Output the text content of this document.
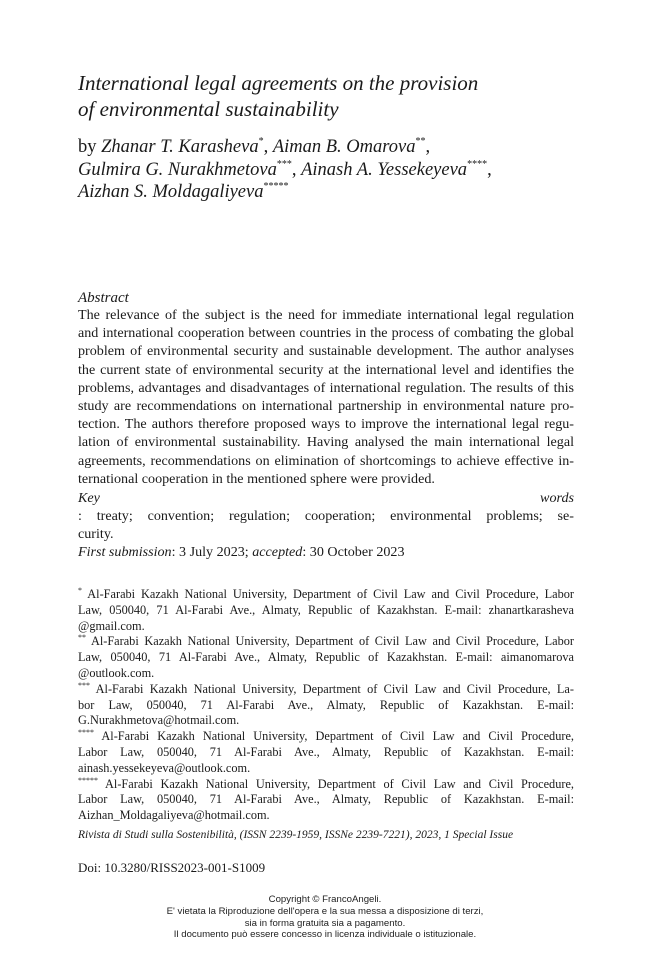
International legal agreements on the provision
of environmental sustainability
by Zhanar T. Karasheva*, Aiman B. Omarova**,
Gulmira G. Nurakhmetova***, Ainash A. Yessekeyeva****,
Aizhan S. Moldagaliyeva*****
Abstract

The relevance of the subject is the need for immediate international legal regulation
and international cooperation between countries in the process of combating the global
problem of environmental security and sustainable development. The author analyses
the current state of environmental security at the international level and identifies the
problems, advantages and disadvantages of international regulation. The results of this
study are recommendations on international partnership in environmental nature pro-
tection. The authors therefore proposed ways to improve the international legal regu-
lation of environmental sustainability. Having analysed the main international legal
agreements, recommendations on elimination of shortcomings to achieve effective in-
ternational cooperation in the mentioned sphere were provided.

Key words
: treaty; convention; regulation; cooperation; environmental problems; se-
curity.
First submission: 3 July 2023; accepted: 30 October 2023
* Al-Farabi Kazakh National University, Department of Civil Law and Civil Procedure, Labor
Law, 050040, 71 Al-Farabi Ave., Almaty, Republic of Kazakhstan. E-mail: zhanartkarasheva
@gmail.com.
** Al-Farabi Kazakh National University, Department of Civil Law and Civil Procedure, Labor
Law, 050040, 71 Al-Farabi Ave., Almaty, Republic of Kazakhstan. E-mail: aimanomarova
@outlook.com.
*** Al-Farabi Kazakh National University, Department of Civil Law and Civil Procedure, La-
bor Law, 050040, 71 Al-Farabi Ave., Almaty, Republic of Kazakhstan. E-mail:
G.Nurakhmetova@hotmail.com.
**** Al-Farabi Kazakh National University, Department of Civil Law and Civil Procedure,
Labor Law, 050040, 71 Al-Farabi Ave., Almaty, Republic of Kazakhstan. E-mail:
ainash.yessekeyeva@outlook.com.
***** Al-Farabi Kazakh National University, Department of Civil Law and Civil Procedure,
Labor Law, 050040, 71 Al-Farabi Ave., Almaty, Republic of Kazakhstan. E-mail:
Aizhan_Moldagaliyeva@hotmail.com.
Rivista di Studi sulla Sostenibilità, (ISSN 2239-1959, ISSNe 2239-7221), 2023, 1 Special Issue
Doi: 10.3280/RISS2023-001-S1009
Copyright © FrancoAngeli.
E' vietata la Riproduzione dell'opera e la sua messa a disposizione di terzi,
sia in forma gratuita sia a pagamento.
Il documento può essere concesso in licenza individuale o istituzionale.
